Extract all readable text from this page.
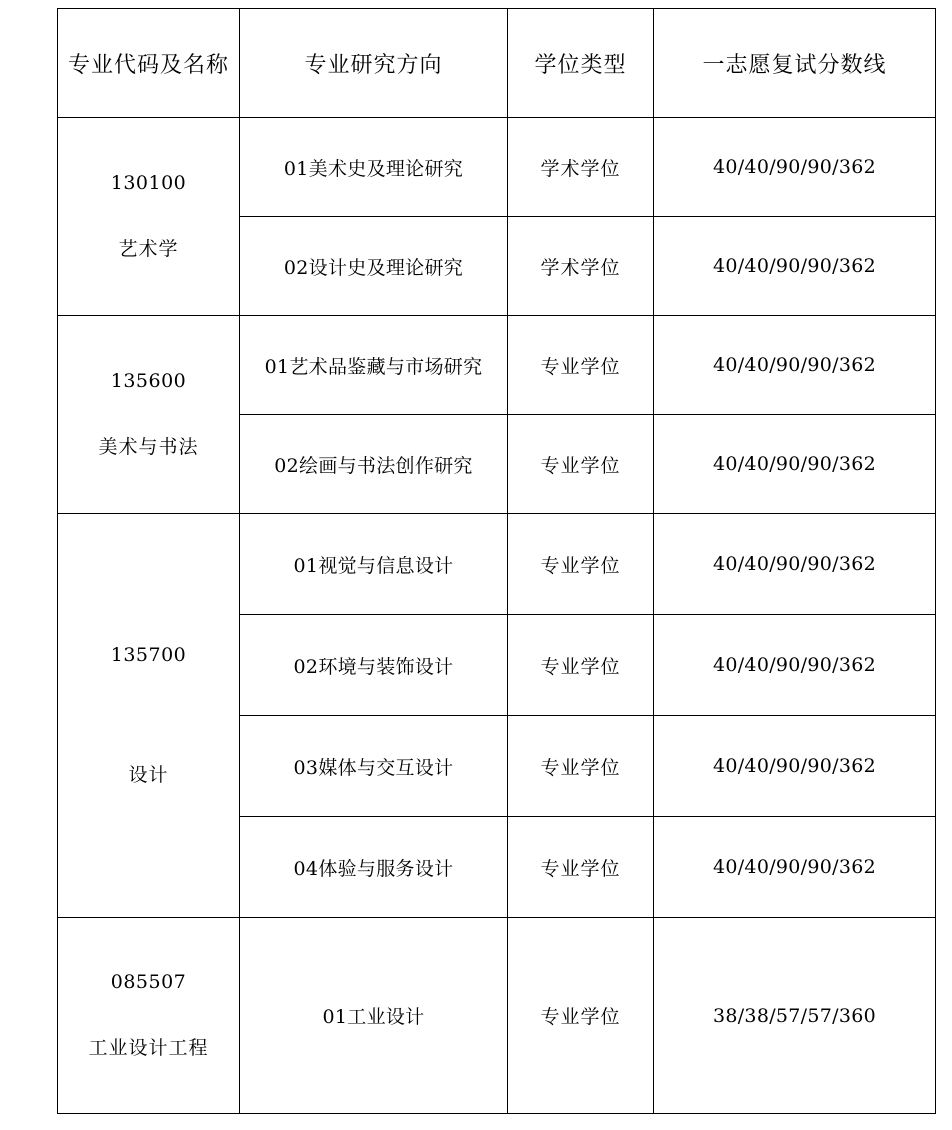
专业代码及名称	专业研究方向	学位类型	一志愿复试分数线

130100
艺术学	01美术史及理论研究	学术学位	40/40/90/90/362
	02设计史及理论研究	学术学位	40/40/90/90/362

135600
美术与书法	01艺术品鉴藏与市场研究	专业学位	40/40/90/90/362
	02绘画与书法创作研究	专业学位	40/40/90/90/362

135700
设计	01视觉与信息设计	专业学位	40/40/90/90/362
	02环境与装饰设计	专业学位	40/40/90/90/362
	03媒体与交互设计	专业学位	40/40/90/90/362
	04体验与服务设计	专业学位	40/40/90/90/362

085507
工业设计工程	01工业设计	专业学位	38/38/57/57/360
